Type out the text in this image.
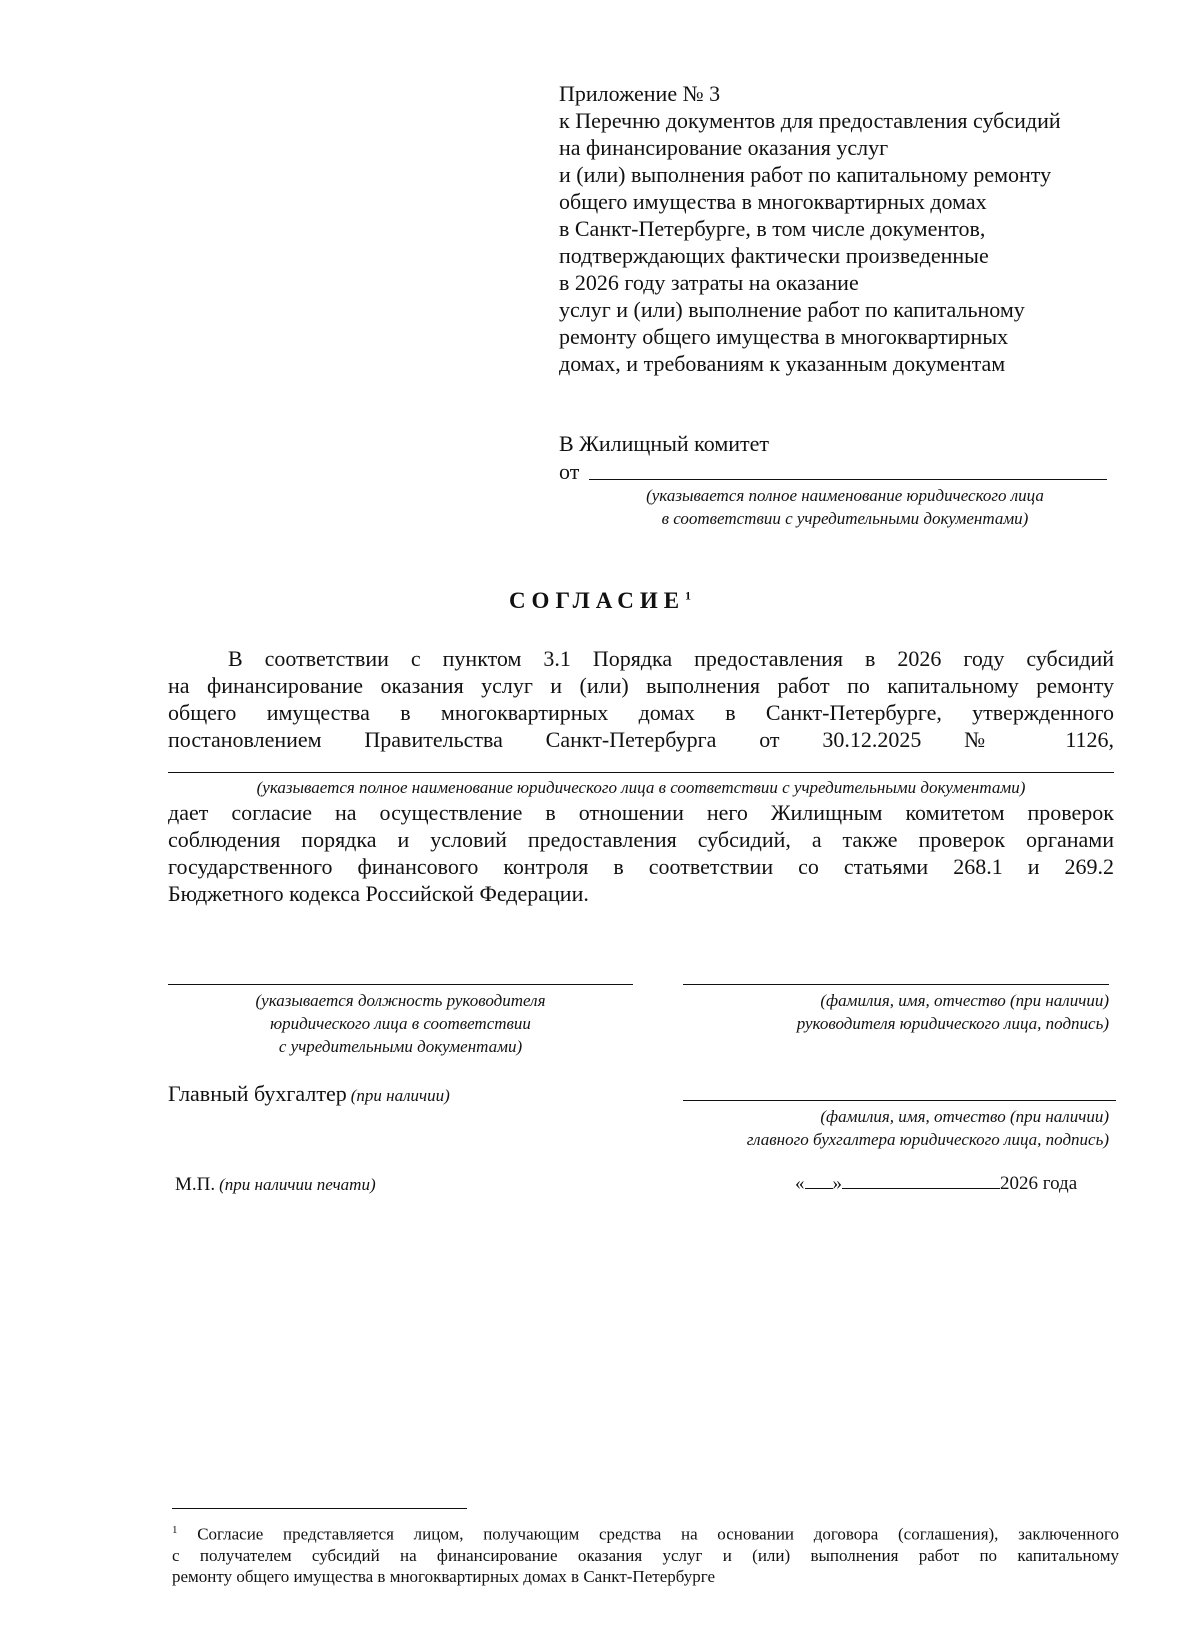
Приложение № 3
к Перечню документов для предоставления субсидий
на финансирование оказания услуг
и (или) выполнения работ по капитальному ремонту
общего имущества в многоквартирных домах
в Санкт-Петербурге, в том числе документов,
подтверждающих фактически произведенные
в 2026 году затраты на оказание
услуг и (или) выполнение работ по капитальному
ремонту общего имущества в многоквартирных
домах, и требованиям к указанным документам
В Жилищный комитет
от
(указывается полное наименование юридического лица
в соответствии с учредительными документами)
СОГЛАСИЕ$^1$
В соответствии с пунктом 3.1 Порядка предоставления в 2026 году субсидий
на финансирование оказания услуг и (или) выполнения работ по капитальному ремонту
общего имущества в многоквартирных домах в Санкт-Петербурге, утвержденного
постановлением Правительства Санкт-Петербурга от 30.12.2025 № 1126,
(указывается полное наименование юридического лица в соответствии с учредительными документами)
дает согласие на осуществление в отношении него Жилищным комитетом проверок
соблюдения порядка и условий предоставления субсидий, а также проверок органами
государственного финансового контроля в соответствии со статьями 268.1 и 269.2
Бюджетного кодекса Российской Федерации.
(указывается должность руководителя
юридического лица в соответствии
с учредительными документами)
(фамилия, имя, отчество (при наличии)
руководителя юридического лица, подпись)
Главный бухгалтер (при наличии)
(фамилия, имя, отчество (при наличии)
главного бухгалтера юридического лица, подпись)
М.П. (при наличии печати)	« »	2026 года
$^1$ Согласие представляется лицом, получающим средства на основании договора (соглашения), заключенного
с получателем субсидий на финансирование оказания услуг и (или) выполнения работ по капитальному
ремонту общего имущества в многоквартирных домах в Санкт-Петербурге
